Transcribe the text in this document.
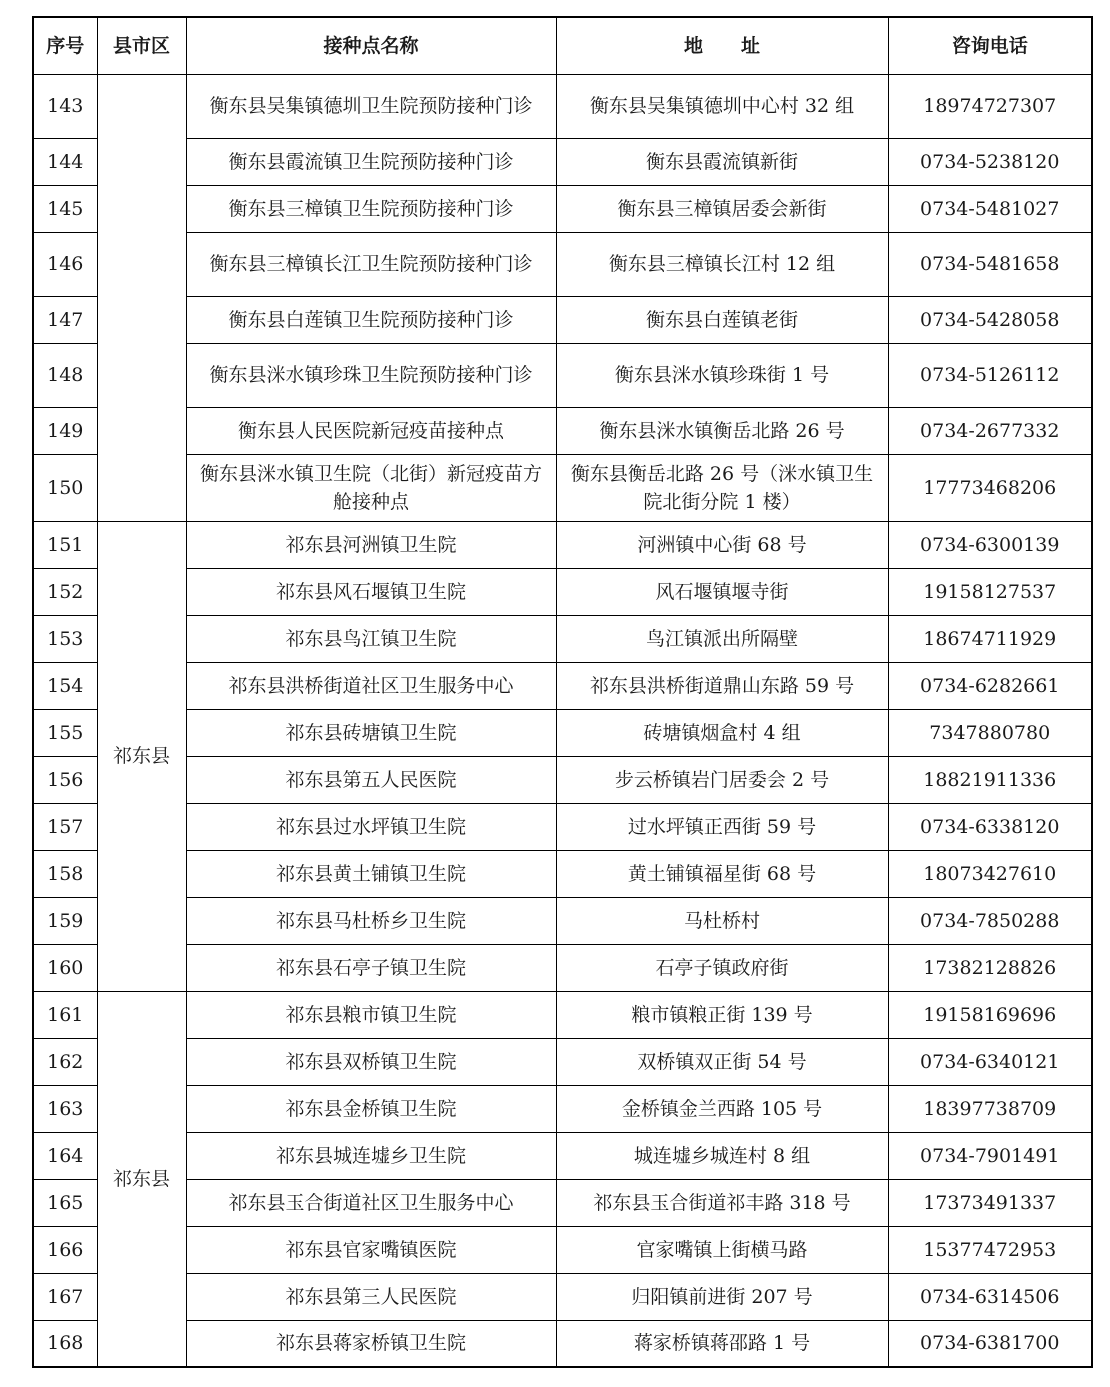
序号	县市区	接种点名称	地　　址	咨询电话
143		衡东县吴集镇德圳卫生院预防接种门诊	衡东县吴集镇德圳中心村 32 组	18974727307
144		衡东县霞流镇卫生院预防接种门诊	衡东县霞流镇新街	0734-5238120
145		衡东县三樟镇卫生院预防接种门诊	衡东县三樟镇居委会新街	0734-5481027
146		衡东县三樟镇长江卫生院预防接种门诊	衡东县三樟镇长江村 12 组	0734-5481658
147		衡东县白莲镇卫生院预防接种门诊	衡东县白莲镇老街	0734-5428058
148		衡东县洣水镇珍珠卫生院预防接种门诊	衡东县洣水镇珍珠街 1 号	0734-5126112
149		衡东县人民医院新冠疫苗接种点	衡东县洣水镇衡岳北路 26 号	0734-2677332
150		衡东县洣水镇卫生院（北街）新冠疫苗方舱接种点	衡东县衡岳北路 26 号（洣水镇卫生院北街分院 1 楼）	17773468206
151	祁东县	祁东县河洲镇卫生院	河洲镇中心街 68 号	0734-6300139
152		祁东县风石堰镇卫生院	风石堰镇堰寺街	19158127537
153		祁东县鸟江镇卫生院	鸟江镇派出所隔壁	18674711929
154		祁东县洪桥街道社区卫生服务中心	祁东县洪桥街道鼎山东路 59 号	0734-6282661
155		祁东县砖塘镇卫生院	砖塘镇烟盒村 4 组	7347880780
156		祁东县第五人民医院	步云桥镇岩门居委会 2 号	18821911336
157		祁东县过水坪镇卫生院	过水坪镇正西街 59 号	0734-6338120
158		祁东县黄土铺镇卫生院	黄土铺镇福星街 68 号	18073427610
159		祁东县马杜桥乡卫生院	马杜桥村	0734-7850288
160		祁东县石亭子镇卫生院	石亭子镇政府街	17382128826
161	祁东县	祁东县粮市镇卫生院	粮市镇粮正街 139 号	19158169696
162		祁东县双桥镇卫生院	双桥镇双正街 54 号	0734-6340121
163		祁东县金桥镇卫生院	金桥镇金兰西路 105 号	18397738709
164		祁东县城连墟乡卫生院	城连墟乡城连村 8 组	0734-7901491
165		祁东县玉合街道社区卫生服务中心	祁东县玉合街道祁丰路 318 号	17373491337
166		祁东县官家嘴镇医院	官家嘴镇上街横马路	15377472953
167		祁东县第三人民医院	归阳镇前进街 207 号	0734-6314506
168		祁东县蒋家桥镇卫生院	蒋家桥镇蒋邵路 1 号	0734-6381700
